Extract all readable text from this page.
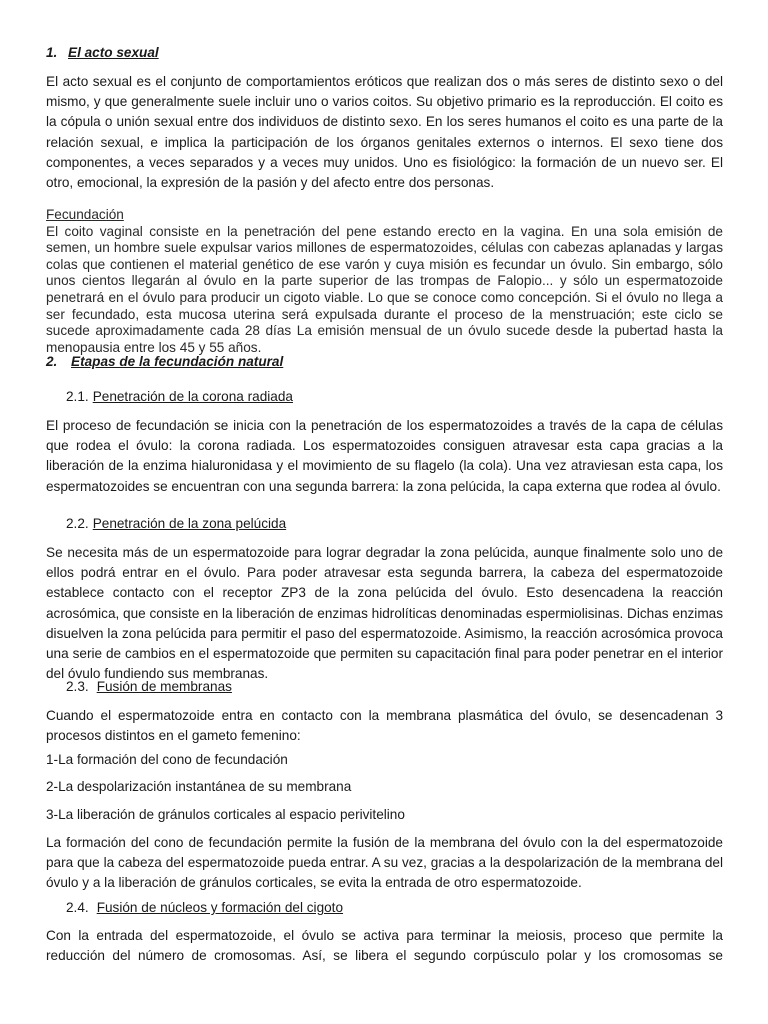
1. El acto sexual

El acto sexual es el conjunto de comportamientos eróticos que realizan dos o más seres de distinto sexo o del mismo, y que generalmente suele incluir uno o varios coitos. Su objetivo primario es la reproducción. El coito es la cópula o unión sexual entre dos individuos de distinto sexo. En los seres humanos el coito es una parte de la relación sexual, e implica la participación de los órganos genitales externos o internos. El sexo tiene dos componentes, a veces separados y a veces muy unidos. Uno es fisiológico: la formación de un nuevo ser. El otro, emocional, la expresión de la pasión y del afecto entre dos personas.

Fecundación
El coito vaginal consiste en la penetración del pene estando erecto en la vagina. En una sola emisión de semen, un hombre suele expulsar varios millones de espermatozoides, células con cabezas aplanadas y largas colas que contienen el material genético de ese varón y cuya misión es fecundar un óvulo. Sin embargo, sólo unos cientos llegarán al óvulo en la parte superior de las trompas de Falopio... y sólo un espermatozoide penetrará en el óvulo para producir un cigoto viable. Lo que se conoce como concepción. Si el óvulo no llega a ser fecundado, esta mucosa uterina será expulsada durante el proceso de la menstruación; este ciclo se sucede aproximadamente cada 28 días La emisión mensual de un óvulo sucede desde la pubertad hasta la menopausia entre los 45 y 55 años.
2. Etapas de la fecundación natural
2.1. Penetración de la corona radiada

El proceso de fecundación se inicia con la penetración de los espermatozoides a través de la capa de células que rodea el óvulo: la corona radiada. Los espermatozoides consiguen atravesar esta capa gracias a la liberación de la enzima hialuronidasa y el movimiento de su flagelo (la cola). Una vez atraviesan esta capa, los espermatozoides se encuentran con una segunda barrera: la zona pelúcida, la capa externa que rodea al óvulo.

2.2. Penetración de la zona pelúcida

Se necesita más de un espermatozoide para lograr degradar la zona pelúcida, aunque finalmente solo uno de ellos podrá entrar en el óvulo. Para poder atravesar esta segunda barrera, la cabeza del espermatozoide establece contacto con el receptor ZP3 de la zona pelúcida del óvulo. Esto desencadena la reacción acrosómica, que consiste en la liberación de enzimas hidrolíticas denominadas espermiolisinas. Dichas enzimas disuelven la zona pelúcida para permitir el paso del espermatozoide. Asimismo, la reacción acrosómica provoca una serie de cambios en el espermatozoide que permiten su capacitación final para poder penetrar en el interior del óvulo fundiendo sus membranas.

2.3. Fusión de membranas

Cuando el espermatozoide entra en contacto con la membrana plasmática del óvulo, se desencadenan 3 procesos distintos en el gameto femenino:

1-La formación del cono de fecundación

2-La despolarización instantánea de su membrana

3-La liberación de gránulos corticales al espacio perivitelino

La formación del cono de fecundación permite la fusión de la membrana del óvulo con la del espermatozoide para que la cabeza del espermatozoide pueda entrar. A su vez, gracias a la despolarización de la membrana del óvulo y a la liberación de gránulos corticales, se evita la entrada de otro espermatozoide.

2.4. Fusión de núcleos y formación del cigoto

Con la entrada del espermatozoide, el óvulo se activa para terminar la meiosis, proceso que permite la reducción del número de cromosomas. Así, se libera el segundo corpúsculo polar y los cromosomas se
